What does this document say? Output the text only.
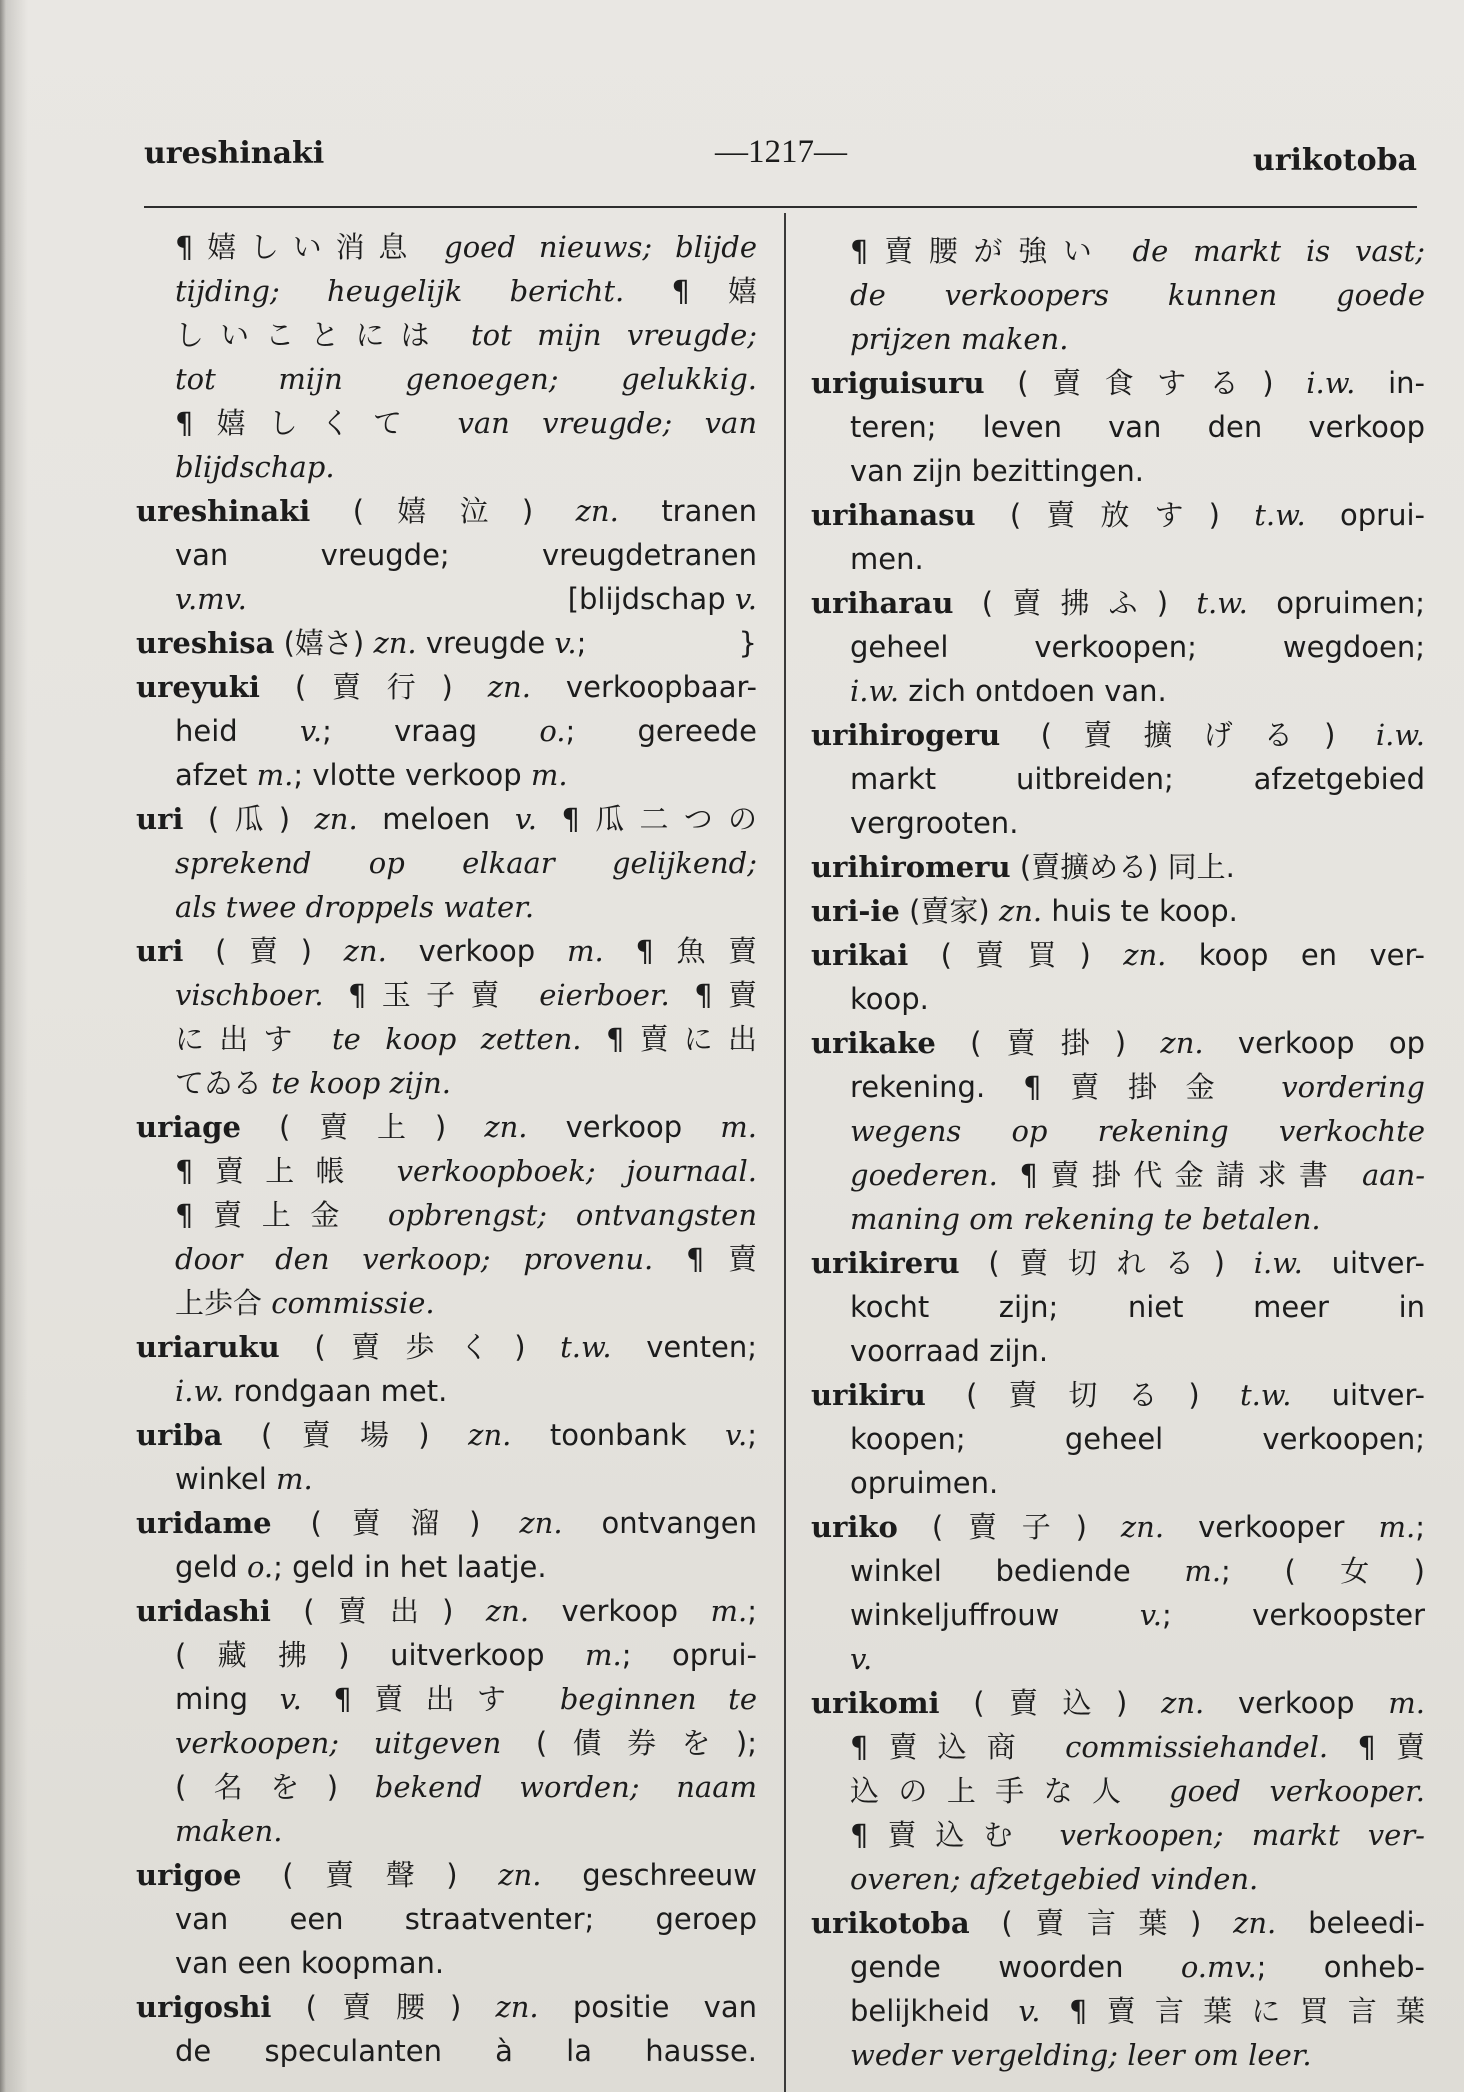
ureshinaki	—1217—	urikotoba
¶嬉しい消息 goed nieuws; blijde
tijding; heugelijk bericht. ¶嬉
しいことには tot mijn vreugde;
tot mijn genoegen; gelukkig.
¶嬉しくて van vreugde; van
blijdschap.
ureshinaki (嬉泣) zn. tranen
van vreugde; vreugdetranen
[blijdschap v.
v.mv.
}
ureshisa (嬉さ) zn. vreugde v.;
ureyuki (賣行) zn. verkoopbaar-
heid v.; vraag o.; gereede
afzet m.; vlotte verkoop m.
uri (瓜) zn. meloen v. ¶瓜二つの
sprekend op elkaar gelijkend;
als twee droppels water.
uri (賣) zn. verkoop m. ¶魚賣
vischboer. ¶玉子賣 eierboer. ¶賣
に出す te koop zetten. ¶賣に出
てゐる te koop zijn.
uriage (賣上) zn. verkoop m.
¶賣上帳 verkoopboek; journaal.
¶賣上金 opbrengst; ontvangsten
door den verkoop; provenu. ¶賣
上歩合 commissie.
uriaruku (賣歩く) t.w. venten;
i.w. rondgaan met.
uriba (賣場) zn. toonbank v.;
winkel m.
uridame (賣溜) zn. ontvangen
geld o.; geld in het laatje.
uridashi (賣出) zn. verkoop m.;
(藏拂) uitverkoop m.; oprui-
ming v. ¶賣出す beginnen te
verkoopen; uitgeven (債券を);
(名を) bekend worden; naam
maken.
urigoe (賣聲) zn. geschreeuw
van een straatventer; geroep
van een koopman.
urigoshi (賣腰) zn. positie van
de speculanten à la hausse.
¶賣腰が強い de markt is vast;
de verkoopers kunnen goede
prijzen maken.
uriguisuru (賣食する) i.w. in-
teren; leven van den verkoop
van zijn bezittingen.
urihanasu (賣放す) t.w. oprui-
men.
uriharau (賣拂ふ) t.w. opruimen;
geheel verkoopen; wegdoen;
i.w. zich ontdoen van.
urihirogeru (賣擴げる) i.w.
markt uitbreiden; afzetgebied
vergrooten.
urihiromeru (賣擴める) 同上.
uri-ie (賣家) zn. huis te koop.
urikai (賣買) zn. koop en ver-
koop.
urikake (賣掛) zn. verkoop op
rekening. ¶賣掛金 vordering
wegens op rekening verkochte
goederen. ¶賣掛代金請求書 aan-
maning om rekening te betalen.
urikireru (賣切れる) i.w. uitver-
kocht zijn; niet meer in
voorraad zijn.
urikiru (賣切る) t.w. uitver-
koopen; geheel verkoopen;
opruimen.
uriko (賣子) zn. verkooper m.;
winkel bediende m.; (女)
winkeljuffrouw v.; verkoopster
v.
urikomi (賣込) zn. verkoop m.
¶賣込商 commissiehandel. ¶賣
込の上手な人 goed verkooper.
¶賣込む verkoopen; markt ver-
overen; afzetgebied vinden.
urikotoba (賣言葉) zn. beleedi-
gende woorden o.mv.; onheb-
belijkheid v. ¶賣言葉に買言葉
weder vergelding; leer om leer.
